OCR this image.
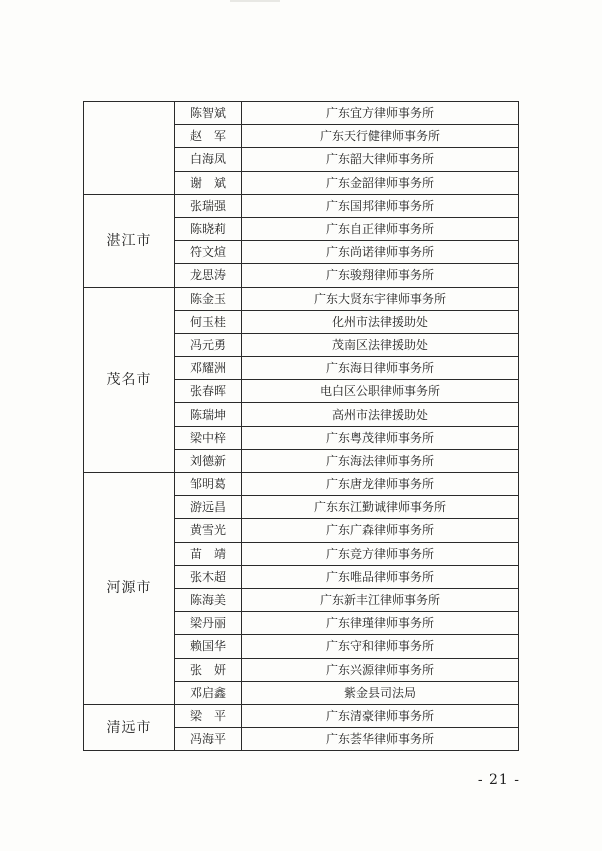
	陈智斌	广东宜方律师事务所
	赵　军	广东天行健律师事务所
	白海凤	广东韶大律师事务所
	谢　斌	广东金韶律师事务所
湛江市	张瑞强	广东国邦律师事务所
	陈晓莉	广东自正律师事务所
	符文煊	广东尚诺律师事务所
	龙思涛	广东骏翔律师事务所
茂名市	陈金玉	广东大贤东宇律师事务所
	何玉桂	化州市法律援助处
	冯元勇	茂南区法律援助处
	邓耀洲	广东海日律师事务所
	张春晖	电白区公职律师事务所
	陈瑞坤	高州市法律援助处
	梁中梓	广东粤茂律师事务所
	刘德新	广东海法律师事务所
河源市	邹明葛	广东唐龙律师事务所
	游远昌	广东东江勤诚律师事务所
	黄雪光	广东广森律师事务所
	苗　靖	广东竞方律师事务所
	张木超	广东唯品律师事务所
	陈海美	广东新丰江律师事务所
	梁丹丽	广东律瑾律师事务所
	赖国华	广东守和律师事务所
	张　妍	广东兴源律师事务所
	邓启鑫	紫金县司法局
清远市	梁　平	广东清豪律师事务所
	冯海平	广东荟华律师事务所
- 21 -
